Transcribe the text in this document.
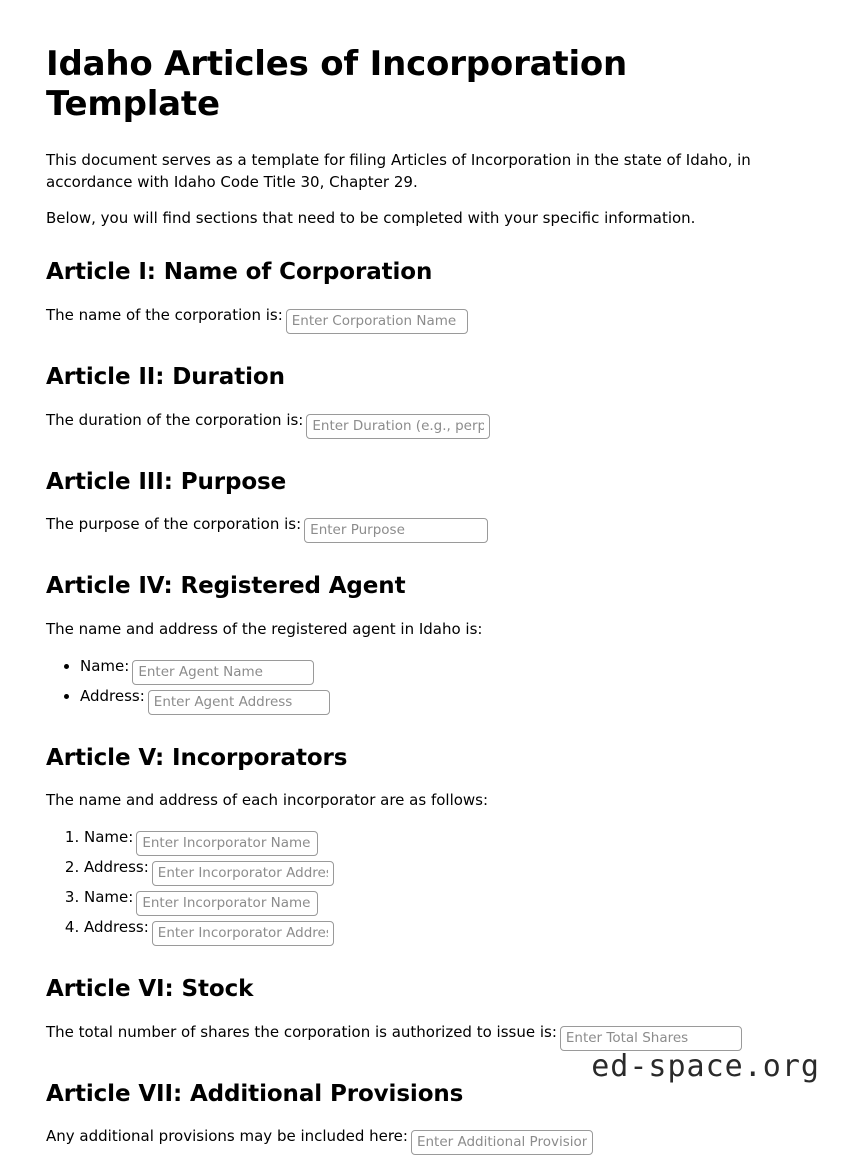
Idaho Articles of Incorporation Template

This document serves as a template for filing Articles of Incorporation in the state of Idaho, in accordance with Idaho Code Title 30, Chapter 29.

Below, you will find sections that need to be completed with your specific information.

Article I: Name of Corporation

The name of the corporation is:Enter Corporation Name

Article II: Duration

The duration of the corporation is:Enter Duration (e.g., perpetual)

Article III: Purpose

The purpose of the corporation is:Enter Purpose

Article IV: Registered Agent

The name and address of the registered agent in Idaho is:

• Name:Enter Agent Name
• Address:Enter Agent Address
Article V: Incorporators

The name and address of each incorporator are as follows:

1. Name:Enter Incorporator Name
2. Address:Enter Incorporator Address
3. Name:Enter Incorporator Name
4. Address:Enter Incorporator Address
Article VI: Stock

The total number of shares the corporation is authorized to issue is:Enter Total Shares

Article VII: Additional Provisions

Any additional provisions may be included here:Enter Additional Provisions

ed-space.org
